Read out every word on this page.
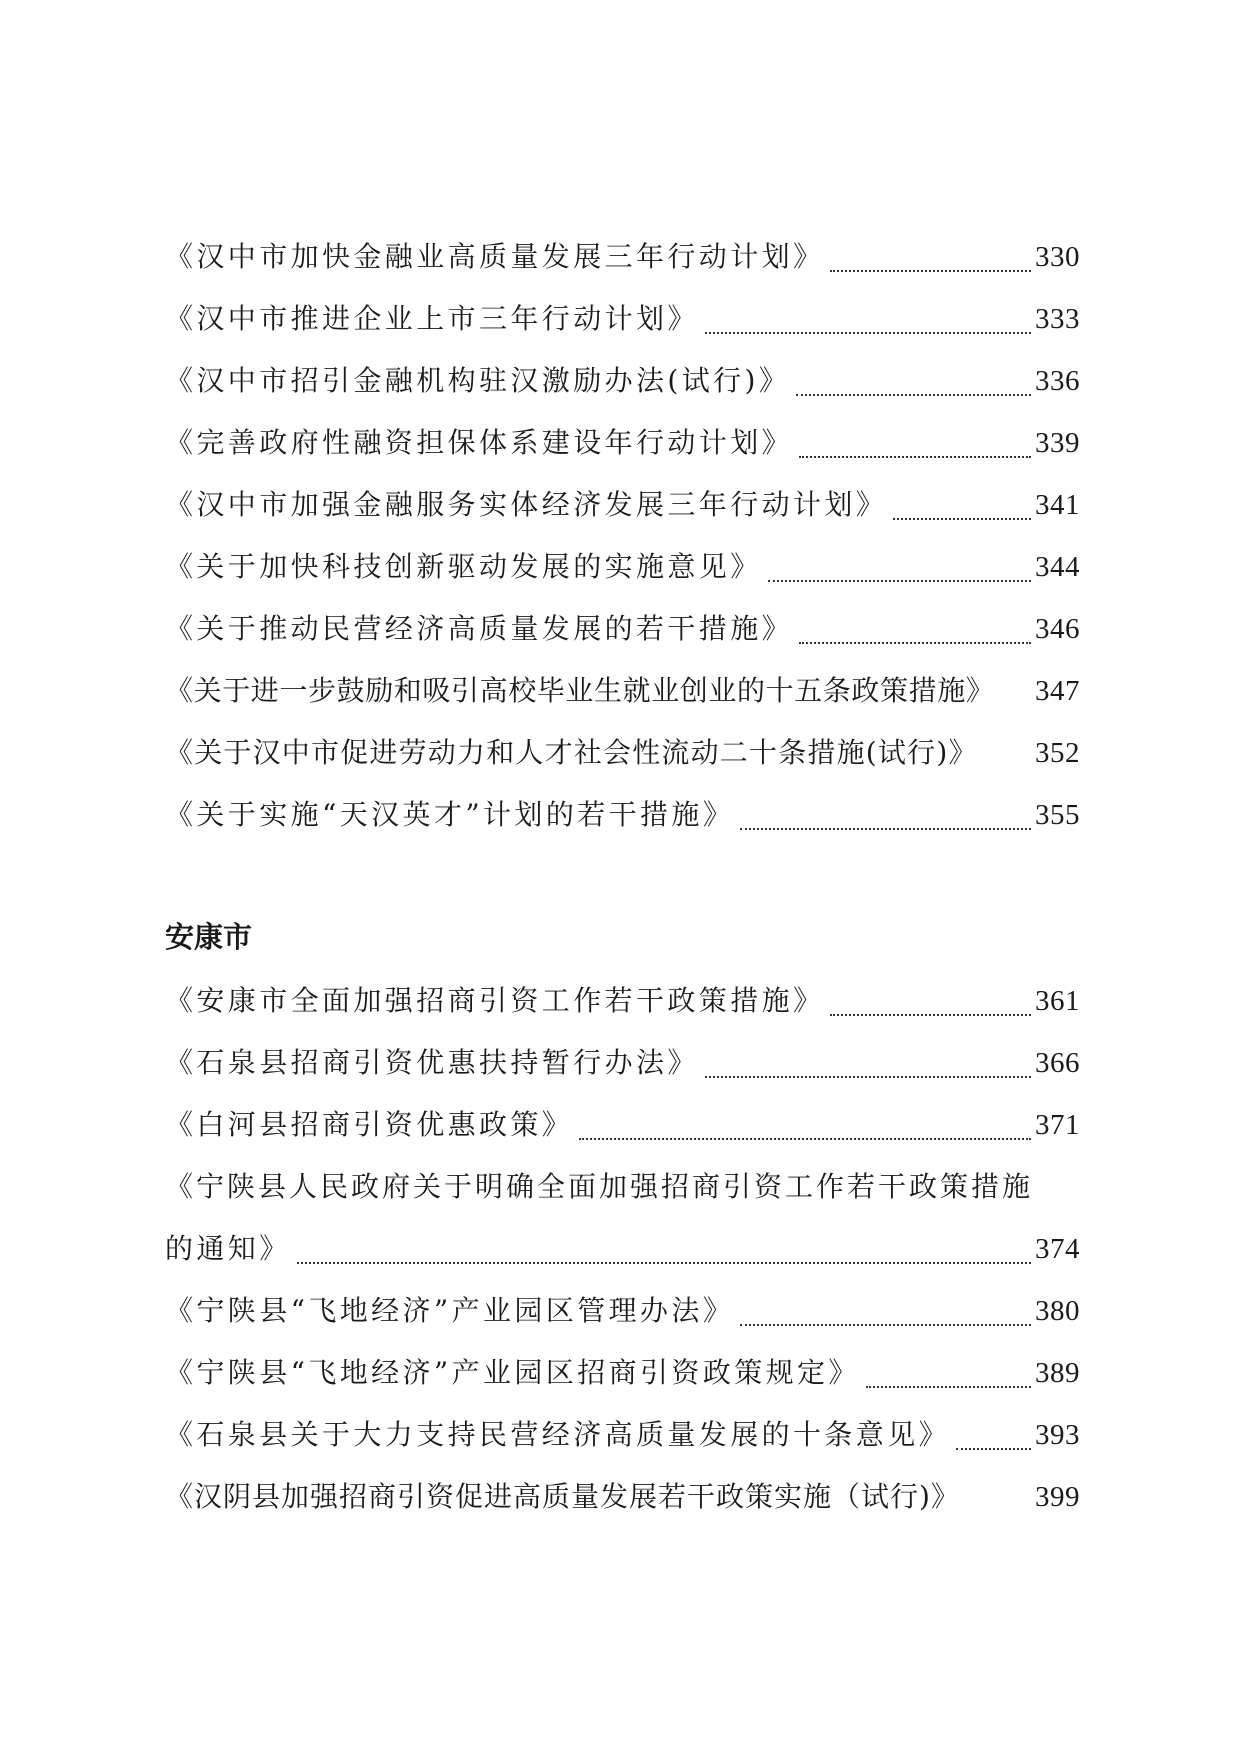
《汉中市加快金融业高质量发展三年行动计划》	330
《汉中市推进企业上市三年行动计划》	333
《汉中市招引金融机构驻汉激励办法(试行)》	336
《完善政府性融资担保体系建设年行动计划》	339
《汉中市加强金融服务实体经济发展三年行动计划》	341
《关于加快科技创新驱动发展的实施意见》	344
《关于推动民营经济高质量发展的若干措施》	346
《关于进一步鼓励和吸引高校毕业生就业创业的十五条政策措施》 347
《关于汉中市促进劳动力和人才社会性流动二十条措施(试行)》 352
《关于实施“天汉英才”计划的若干措施》	355
安康市
《安康市全面加强招商引资工作若干政策措施》	361
《石泉县招商引资优惠扶持暂行办法》	366
《白河县招商引资优惠政策》	371
《宁陕县人民政府关于明确全面加强招商引资工作若干政策措施
的通知》	374
《宁陕县“飞地经济”产业园区管理办法》	380
《宁陕县“飞地经济”产业园区招商引资政策规定》	389
《石泉县关于大力支持民营经济高质量发展的十条意见》	393
《汉阴县加强招商引资促进高质量发展若干政策实施（试行)》	399
